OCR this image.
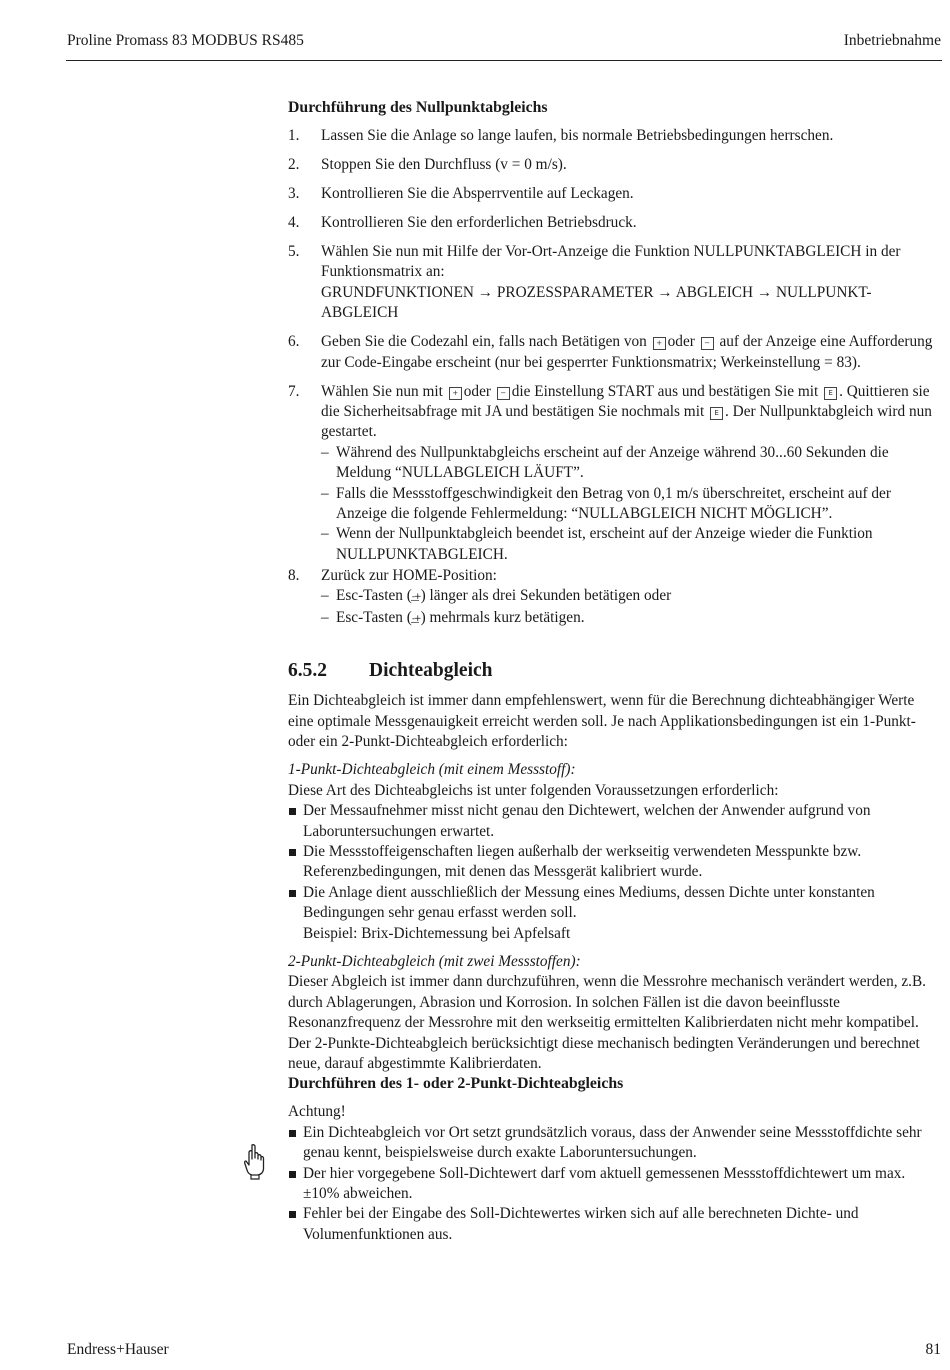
Proline Promass 83 MODBUS RS485	Inbetriebnahme
Durchführung des Nullpunktabgleichs
1. Lassen Sie die Anlage so lange laufen, bis normale Betriebsbedingungen herrschen.
2. Stoppen Sie den Durchfluss (v = 0 m/s).
3. Kontrollieren Sie die Absperrventile auf Leckagen.
4. Kontrollieren Sie den erforderlichen Betriebsdruck.
5. Wählen Sie nun mit Hilfe der Vor-Ort-Anzeige die Funktion NULLPUNKTABGLEICH in der Funktionsmatrix an:
GRUNDFUNKTIONEN → PROZESSPARAMETER → ABGLEICH → NULLPUNKT-ABGLEICH
6. Geben Sie die Codezahl ein, falls nach Betätigen von + oder − auf der Anzeige eine Aufforderung zur Code-Eingabe erscheint (nur bei gesperrter Funktionsmatrix; Werkeinstellung = 83).
7. Wählen Sie nun mit + oder − die Einstellung START aus und bestätigen Sie mit E . Quittieren sie die Sicherheitsabfrage mit JA und bestätigen Sie nochmals mit E . Der Nullpunktabgleich wird nun gestartet.
– Während des Nullpunktabgleichs erscheint auf der Anzeige während 30...60 Sekunden die Meldung “NULLABGLEICH LÄUFT”.
– Falls die Messstoffgeschwindigkeit den Betrag von 0,1 m/s überschreitet, erscheint auf der Anzeige die folgende Fehlermeldung: “NULLABGLEICH NICHT MÖGLICH”.
– Wenn der Nullpunktabgleich beendet ist, erscheint auf der Anzeige wieder die Funktion NULLPUNKTABGLEICH.
8. Zurück zur HOME-Position:
– Esc-Tasten (-͟+) länger als drei Sekunden betätigen oder
– Esc-Tasten (-͟+) mehrmals kurz betätigen.
6.5.2 Dichteabgleich

Ein Dichteabgleich ist immer dann empfehlenswert, wenn für die Berechnung dichteabhängiger Werte eine optimale Messgenauigkeit erreicht werden soll. Je nach Applikationsbedingungen ist ein 1-Punkt- oder ein 2-Punkt-Dichteabgleich erforderlich:

1-Punkt-Dichteabgleich (mit einem Messstoff):

Diese Art des Dichteabgleichs ist unter folgenden Voraussetzungen erforderlich:

Der Messaufnehmer misst nicht genau den Dichtewert, welchen der Anwender aufgrund von Laboruntersuchungen erwartet.
Die Messstoffeigenschaften liegen außerhalb der werkseitig verwendeten Messpunkte bzw. Referenzbedingungen, mit denen das Messgerät kalibriert wurde.
Die Anlage dient ausschließlich der Messung eines Mediums, dessen Dichte unter konstanten Bedingungen sehr genau erfasst werden soll.
Beispiel: Brix-Dichtemessung bei Apfelsaft

2-Punkt-Dichteabgleich (mit zwei Messstoffen):

Dieser Abgleich ist immer dann durchzuführen, wenn die Messrohre mechanisch verändert werden, z.B. durch Ablagerungen, Abrasion und Korrosion. In solchen Fällen ist die davon beeinflusste Resonanzfrequenz der Messrohre mit den werkseitig ermittelten Kalibrierdaten nicht mehr kompatibel. Der 2-Punkte-Dichteabgleich berücksichtigt diese mechanisch bedingten Veränderungen und berechnet neue, darauf abgestimmte Kalibrierdaten.

Durchführen des 1- oder 2-Punkt-Dichteabgleichs

Achtung!

Ein Dichteabgleich vor Ort setzt grundsätzlich voraus, dass der Anwender seine Messstoffdichte sehr genau kennt, beispielsweise durch exakte Laboruntersuchungen.
Der hier vorgegebene Soll-Dichtewert darf vom aktuell gemessenen Messstoffdichtewert um max. ±10% abweichen.
Fehler bei der Eingabe des Soll-Dichtewertes wirken sich auf alle berechneten Dichte- und Volumenfunktionen aus.
Endress+Hauser	81
